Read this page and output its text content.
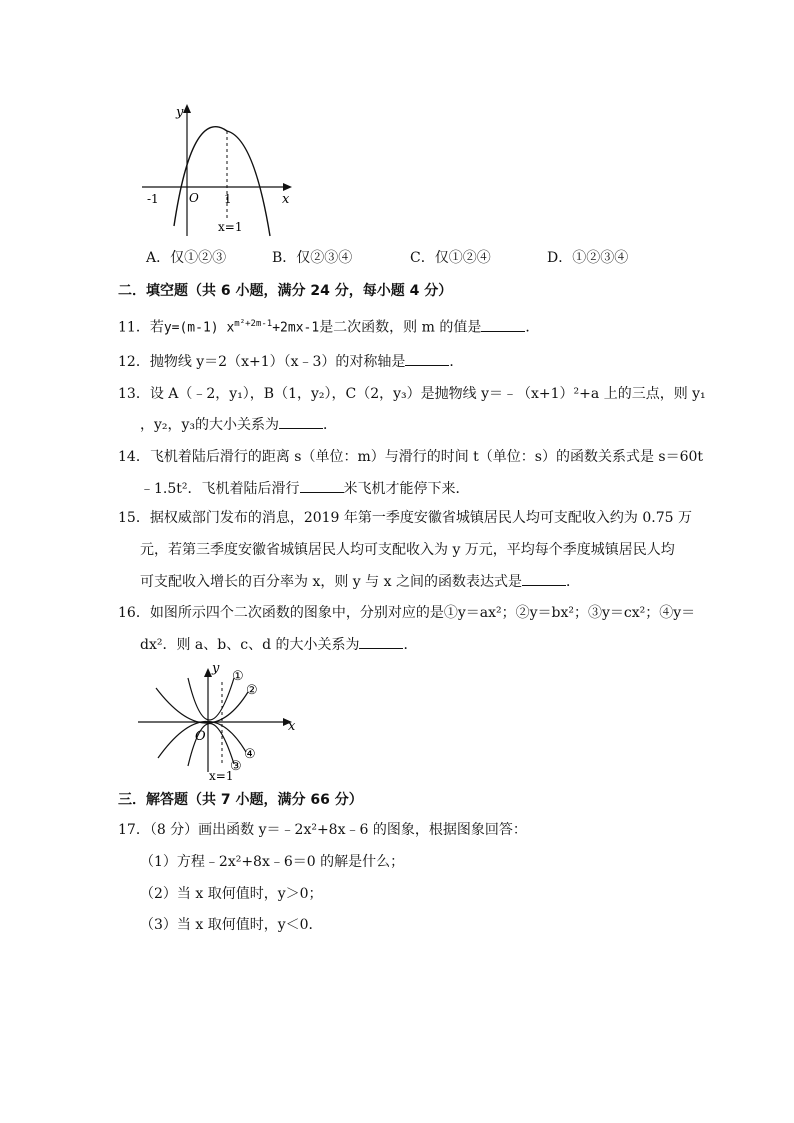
y
x
O
-1	1
x=1
A．仅①②③	B．仅②③④	C．仅①②④	D．①②③④
二．填空题（共 6 小题，满分 24 分，每小题 4 分）
11．若y=(m-1) $x^{m^2+2m-1}+2mx-1$是二次函数，则 m 的值是	．
12．抛物线 y＝2（x+1）（x﹣3）的对称轴是	．
13．设 A（﹣2，y₁），B（1，y₂），C（2，y₃）是抛物线 y＝﹣（x+1）²+a 上的三点，则 y₁
，y₂，y₃的大小关系为	．
14．飞机着陆后滑行的距离 s（单位：m）与滑行的时间 t（单位：s）的函数关系式是 s＝60t
﹣1.5t²．飞机着陆后滑行	米飞机才能停下来．
15．据权威部门发布的消息，2019 年第一季度安徽省城镇居民人均可支配收入约为 0.75 万
元，若第三季度安徽省城镇居民人均可支配收入为 y 万元，平均每个季度城镇居民人均
可支配收入增长的百分率为 x，则 y 与 x 之间的函数表达式是	．
16．如图所示四个二次函数的图象中，分别对应的是①y＝ax²；②y＝bx²；③y＝cx²；④y＝
dx²．则 a、b、c、d 的大小关系为	．
y
x
O
①
②
③
④
x=1
三．解答题（共 7 小题，满分 66 分）
17．（8 分）画出函数 y＝﹣2x²+8x﹣6 的图象，根据图象回答：
（1）方程﹣2x²+8x﹣6＝0 的解是什么；
（2）当 x 取何值时，y＞0；
（3）当 x 取何值时，y＜0．
